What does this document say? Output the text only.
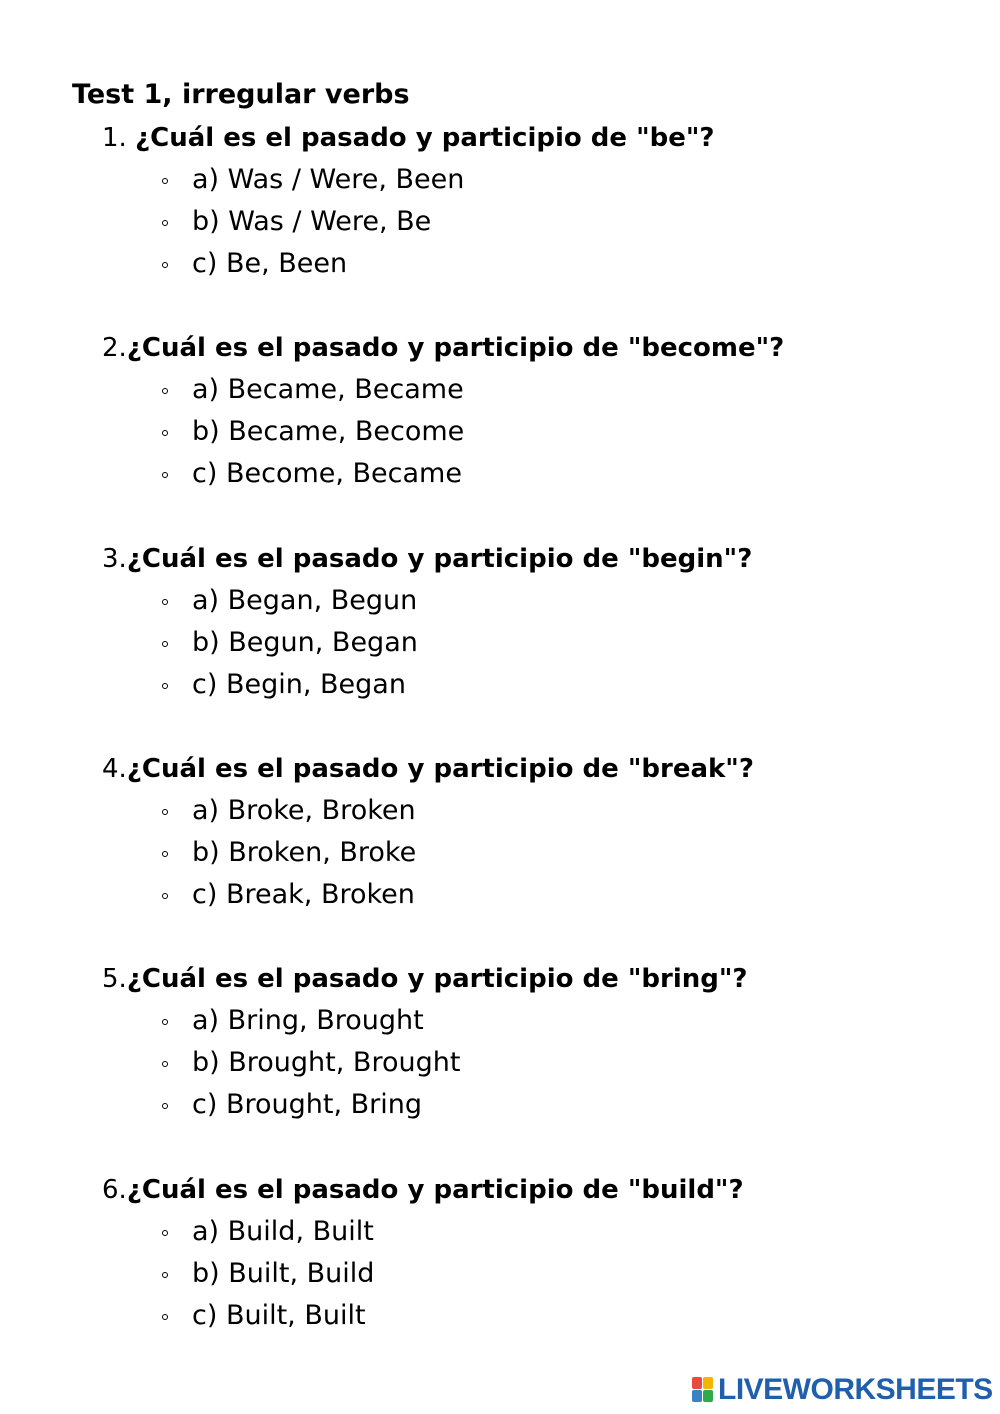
Test 1, irregular verbs
1. ¿Cuál es el pasado y participio de "be"?
a) Was / Were, Been
b) Was / Were, Be
c) Be, Been
2.¿Cuál es el pasado y participio de "become"?
a) Became, Became
b) Became, Become
c) Become, Became
3.¿Cuál es el pasado y participio de "begin"?
a) Began, Begun
b) Begun, Began
c) Begin, Began
4.¿Cuál es el pasado y participio de "break"?
a) Broke, Broken
b) Broken, Broke
c) Break, Broken
5.¿Cuál es el pasado y participio de "bring"?
a) Bring, Brought
b) Brought, Brought
c) Brought, Bring
6.¿Cuál es el pasado y participio de "build"?
a) Build, Built
b) Built, Build
c) Built, Built
LIVEWORKSHEETS
